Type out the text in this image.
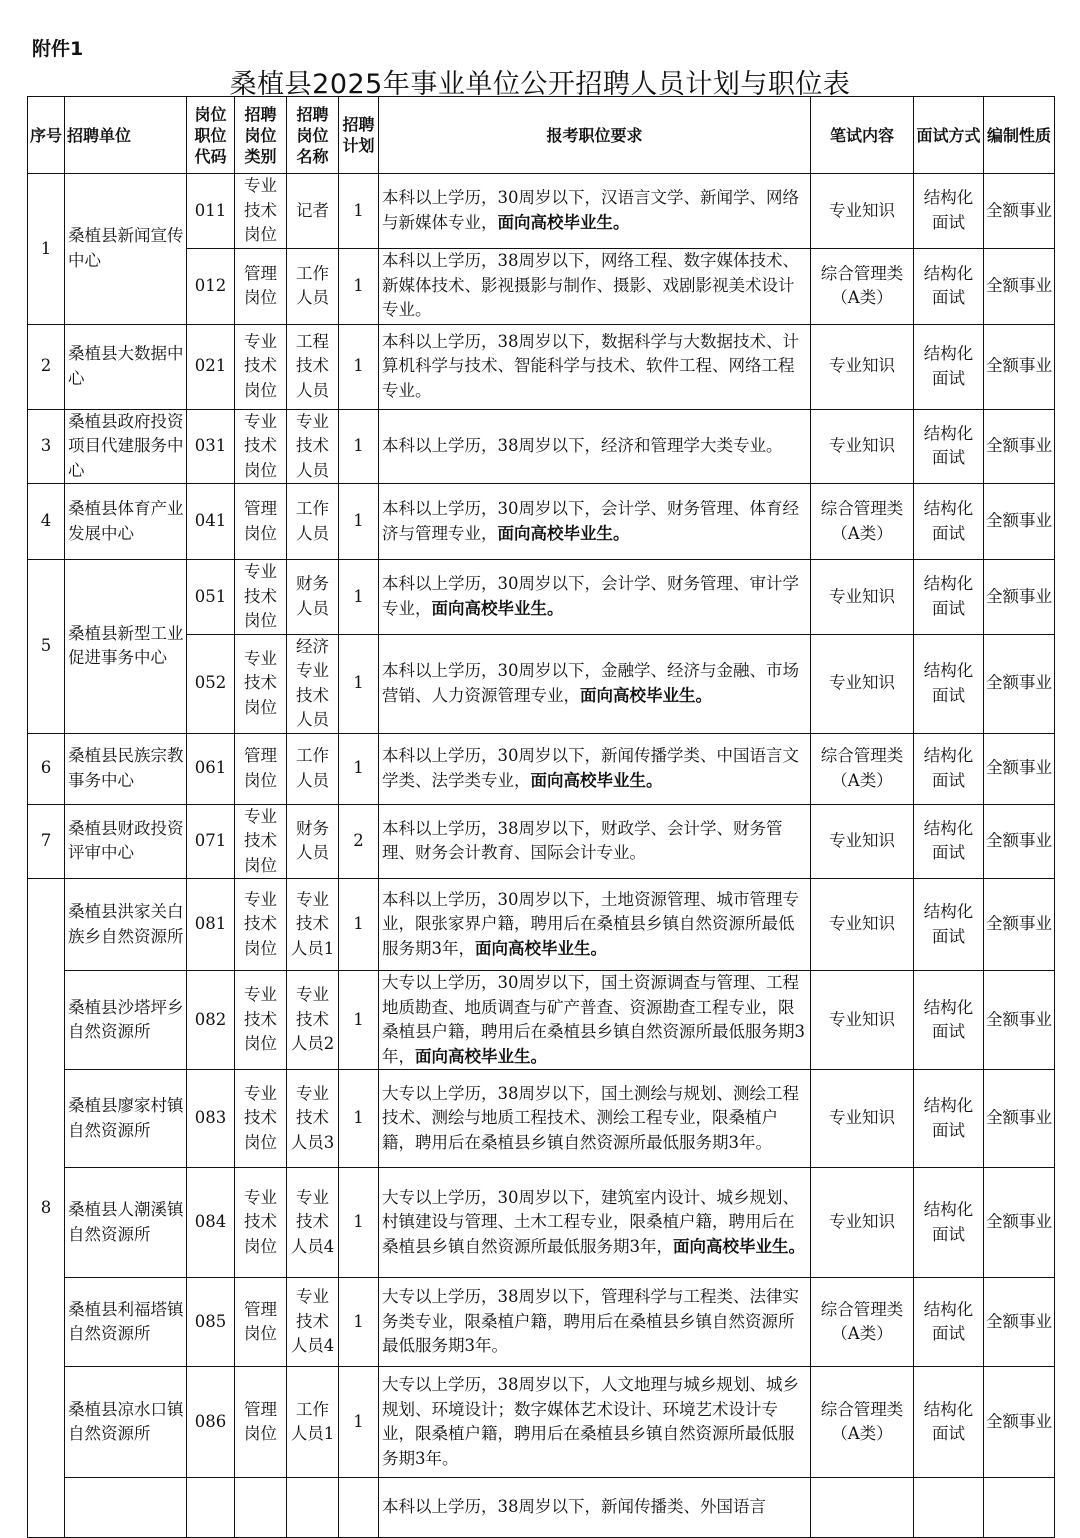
附件1
桑植县2025年事业单位公开招聘人员计划与职位表
序号	招聘单位	岗位职位代码	招聘岗位类别	招聘岗位名称	招聘计划	报考职位要求	笔试内容	面试方式	编制性质
1	桑植县新闻宣传中心	011	专业技术岗位	记者	1	本科以上学历，30周岁以下，汉语言文学、新闻学、网络与新媒体专业，面向高校毕业生。	专业知识	结构化面试	全额事业
		012	管理岗位	工作人员	1	本科以上学历，38周岁以下，网络工程、数字媒体技术、新媒体技术、影视摄影与制作、摄影、戏剧影视美术设计专业。	综合管理类（A类）	结构化面试	全额事业
2	桑植县大数据中心	021	专业技术岗位	工程技术人员	1	本科以上学历，38周岁以下，数据科学与大数据技术、计算机科学与技术、智能科学与技术、软件工程、网络工程专业。	专业知识	结构化面试	全额事业
3	桑植县政府投资项目代建服务中心	031	专业技术岗位	专业技术人员	1	本科以上学历，38周岁以下，经济和管理学大类专业。	专业知识	结构化面试	全额事业
4	桑植县体育产业发展中心	041	管理岗位	工作人员	1	本科以上学历，30周岁以下，会计学、财务管理、体育经济与管理专业，面向高校毕业生。	综合管理类（A类）	结构化面试	全额事业
5	桑植县新型工业促进事务中心	051	专业技术岗位	财务人员	1	本科以上学历，30周岁以下，会计学、财务管理、审计学专业，面向高校毕业生。	专业知识	结构化面试	全额事业
		052	专业技术岗位	经济专业技术人员	1	本科以上学历，30周岁以下，金融学、经济与金融、市场营销、人力资源管理专业，面向高校毕业生。	专业知识	结构化面试	全额事业
6	桑植县民族宗教事务中心	061	管理岗位	工作人员	1	本科以上学历，30周岁以下，新闻传播学类、中国语言文学类、法学类专业，面向高校毕业生。	综合管理类（A类）	结构化面试	全额事业
7	桑植县财政投资评审中心	071	专业技术岗位	财务人员	2	本科以上学历，38周岁以下，财政学、会计学、财务管理、财务会计教育、国际会计专业。	专业知识	结构化面试	全额事业
8	桑植县洪家关白族乡自然资源所	081	专业技术岗位	专业技术人员1	1	本科以上学历，30周岁以下，土地资源管理、城市管理专业，限张家界户籍，聘用后在桑植县乡镇自然资源所最低服务期3年，面向高校毕业生。	专业知识	结构化面试	全额事业
	桑植县沙塔坪乡自然资源所	082	专业技术岗位	专业技术人员2	1	大专以上学历，30周岁以下，国土资源调查与管理、工程地质勘查、地质调查与矿产普查、资源勘查工程专业，限桑植县户籍，聘用后在桑植县乡镇自然资源所最低服务期3年，面向高校毕业生。	专业知识	结构化面试	全额事业
	桑植县廖家村镇自然资源所	083	专业技术岗位	专业技术人员3	1	大专以上学历，38周岁以下，国土测绘与规划、测绘工程技术、测绘与地质工程技术、测绘工程专业，限桑植户籍，聘用后在桑植县乡镇自然资源所最低服务期3年。	专业知识	结构化面试	全额事业
	桑植县人潮溪镇自然资源所	084	专业技术岗位	专业技术人员4	1	大专以上学历，30周岁以下，建筑室内设计、城乡规划、村镇建设与管理、土木工程专业，限桑植户籍，聘用后在桑植县乡镇自然资源所最低服务期3年，面向高校毕业生。	专业知识	结构化面试	全额事业
	桑植县利福塔镇自然资源所	085	管理岗位	专业技术人员4	1	大专以上学历，38周岁以下，管理科学与工程类、法律实务类专业，限桑植户籍，聘用后在桑植县乡镇自然资源所最低服务期3年。	综合管理类（A类）	结构化面试	全额事业
	桑植县凉水口镇自然资源所	086	管理岗位	工作人员1	1	大专以上学历，38周岁以下，人文地理与城乡规划、城乡规划、环境设计；数字媒体艺术设计、环境艺术设计专业，限桑植户籍，聘用后在桑植县乡镇自然资源所最低服务期3年。	综合管理类（A类）	结构化面试	全额事业
						本科以上学历，38周岁以下，新闻传播类、外国语言			
